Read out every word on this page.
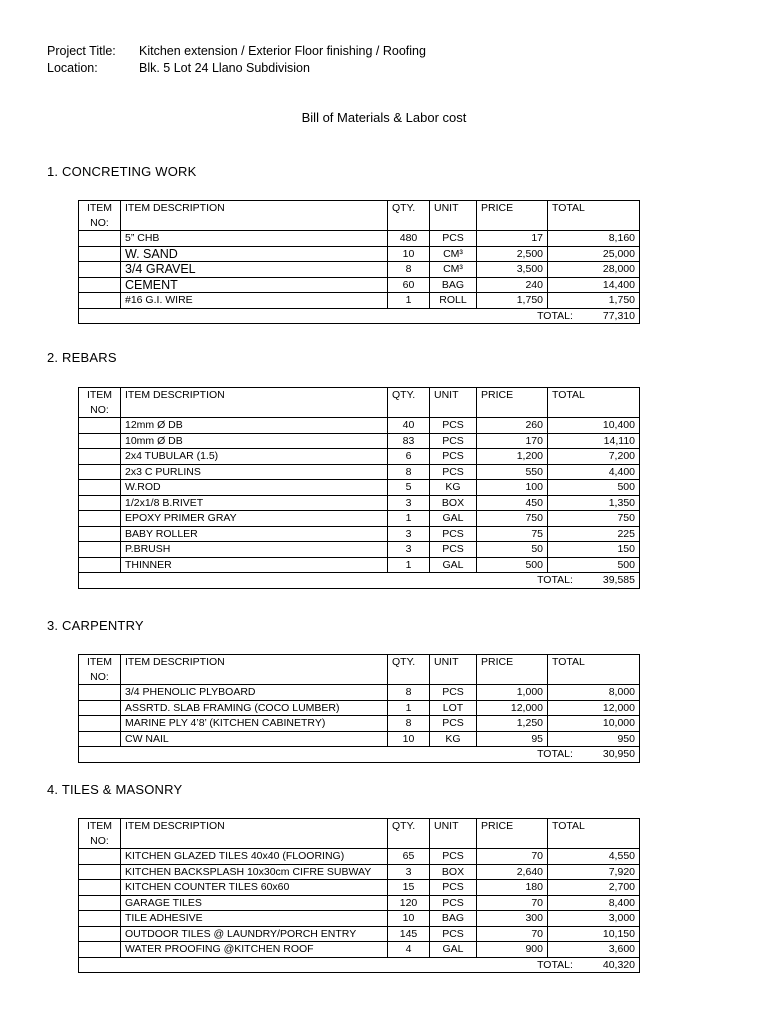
Project Title:	Kitchen extension / Exterior Floor finishing / Roofing
Location:	Blk. 5 Lot 24 Llano Subdivision
Bill of Materials & Labor cost
1. CONCRETING WORK
ITEM
NO:	ITEM DESCRIPTION	QTY.	UNIT	PRICE	TOTAL
	5” CHB	480	PCS	17	8,160
	W. SAND	10	CM³	2,500	25,000
	3/4 GRAVEL	8	CM³	3,500	28,000
	CEMENT	60	BAG	240	14,400
	#16 G.I. WIRE	1	ROLL	1,750	1,750
TOTAL: 77,310					
2. REBARS
ITEM
NO:	ITEM DESCRIPTION	QTY.	UNIT	PRICE	TOTAL
	12mm Ø DB	40	PCS	260	10,400
	10mm Ø DB	83	PCS	170	14,110
	2x4 TUBULAR (1.5)	6	PCS	1,200	7,200
	2x3 C PURLINS	8	PCS	550	4,400
	W.ROD	5	KG	100	500
	1/2x1/8 B.RIVET	3	BOX	450	1,350
	EPOXY PRIMER GRAY	1	GAL	750	750
	BABY ROLLER	3	PCS	75	225
	P.BRUSH	3	PCS	50	150
	THINNER	1	GAL	500	500
TOTAL: 39,585					
3. CARPENTRY
ITEM
NO:	ITEM DESCRIPTION	QTY.	UNIT	PRICE	TOTAL
	3/4 PHENOLIC PLYBOARD	8	PCS	1,000	8,000
	ASSRTD. SLAB FRAMING (COCO LUMBER)	1	LOT	12,000	12,000
	MARINE PLY 4’8’ (KITCHEN CABINETRY)	8	PCS	1,250	10,000
	CW NAIL	10	KG	95	950
TOTAL: 30,950					
4. TILES & MASONRY
ITEM
NO:	ITEM DESCRIPTION	QTY.	UNIT	PRICE	TOTAL
	KITCHEN GLAZED TILES 40x40 (FLOORING)	65	PCS	70	4,550
	KITCHEN BACKSPLASH 10x30cm CIFRE SUBWAY	3	BOX	2,640	7,920
	KITCHEN COUNTER TILES 60x60	15	PCS	180	2,700
	GARAGE TILES	120	PCS	70	8,400
	TILE ADHESIVE	10	BAG	300	3,000
	OUTDOOR TILES @ LAUNDRY/PORCH ENTRY	145	PCS	70	10,150
	WATER PROOFING @KITCHEN ROOF	4	GAL	900	3,600
TOTAL: 40,320					
